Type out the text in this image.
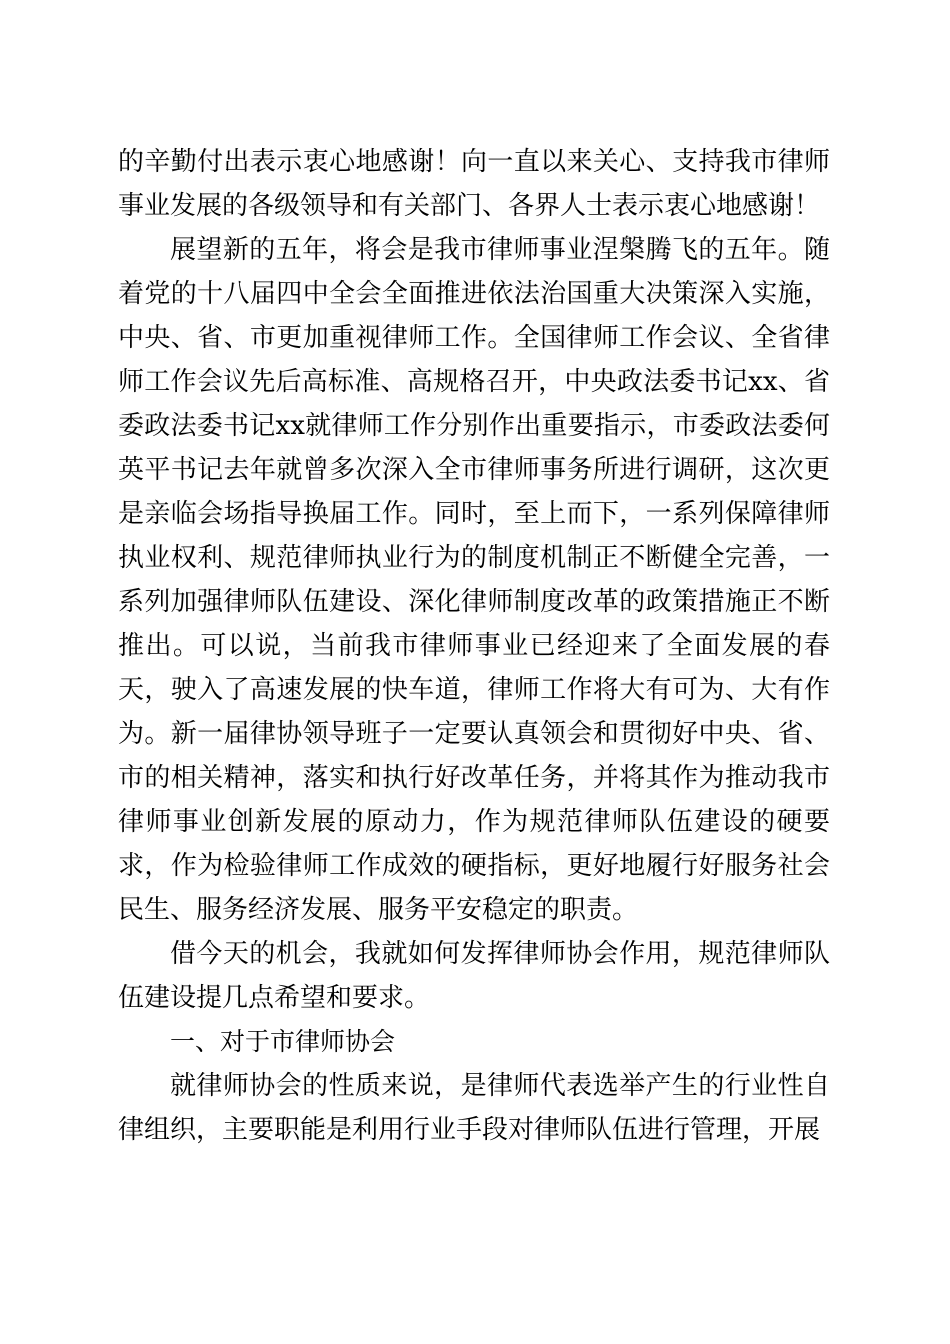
的辛勤付出表示衷心地感谢！向一直以来关心、支持我市律师事业发展的各级领导和有关部门、各界人士表示衷心地感谢！

展望新的五年，将会是我市律师事业涅槃腾飞的五年。随着党的十八届四中全会全面推进依法治国重大决策深入实施，中央、省、市更加重视律师工作。全国律师工作会议、全省律师工作会议先后高标准、高规格召开，中央政法委书记xx、省委政法委书记xx就律师工作分别作出重要指示，市委政法委何英平书记去年就曾多次深入全市律师事务所进行调研，这次更是亲临会场指导换届工作。同时，至上而下，一系列保障律师执业权利、规范律师执业行为的制度机制正不断健全完善，一系列加强律师队伍建设、深化律师制度改革的政策措施正不断推出。可以说，当前我市律师事业已经迎来了全面发展的春天，驶入了高速发展的快车道，律师工作将大有可为、大有作为。新一届律协领导班子一定要认真领会和贯彻好中央、省、市的相关精神，落实和执行好改革任务，并将其作为推动我市律师事业创新发展的原动力，作为规范律师队伍建设的硬要求，作为检验律师工作成效的硬指标，更好地履行好服务社会民生、服务经济发展、服务平安稳定的职责。

借今天的机会，我就如何发挥律师协会作用，规范律师队伍建设提几点希望和要求。

一、对于市律师协会

就律师协会的性质来说，是律师代表选举产生的行业性自律组织，主要职能是利用行业手段对律师队伍进行管理，开展
